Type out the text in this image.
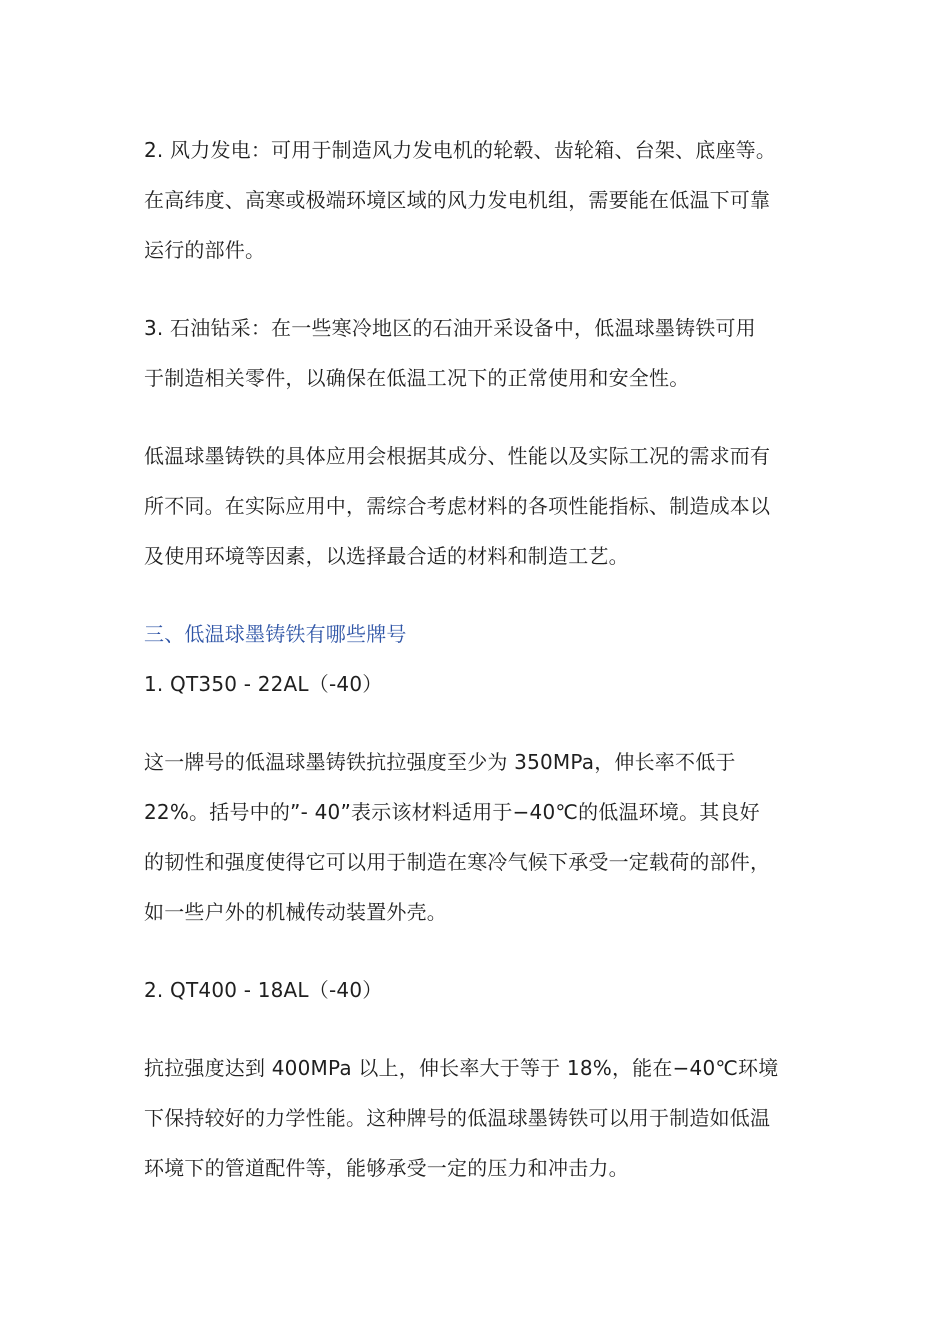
2. 风力发电：可用于制造风力发电机的轮毂、齿轮箱、台架、底座等。
在高纬度、高寒或极端环境区域的风力发电机组，需要能在低温下可靠
运行的部件。
3. 石油钻采：在一些寒冷地区的石油开采设备中，低温球墨铸铁可用
于制造相关零件，以确保在低温工况下的正常使用和安全性。
低温球墨铸铁的具体应用会根据其成分、性能以及实际工况的需求而有
所不同。在实际应用中，需综合考虑材料的各项性能指标、制造成本以
及使用环境等因素，以选择最合适的材料和制造工艺。
三、低温球墨铸铁有哪些牌号
1. QT350 - 22AL（-40）
这一牌号的低温球墨铸铁抗拉强度至少为 350MPa，伸长率不低于
22%。括号中的”- 40”表示该材料适用于−40℃的低温环境。其良好
的韧性和强度使得它可以用于制造在寒冷气候下承受一定载荷的部件，
如一些户外的机械传动装置外壳。
2. QT400 - 18AL（-40）
抗拉强度达到 400MPa 以上，伸长率大于等于 18%，能在−40℃环境
下保持较好的力学性能。这种牌号的低温球墨铸铁可以用于制造如低温
环境下的管道配件等，能够承受一定的压力和冲击力。
